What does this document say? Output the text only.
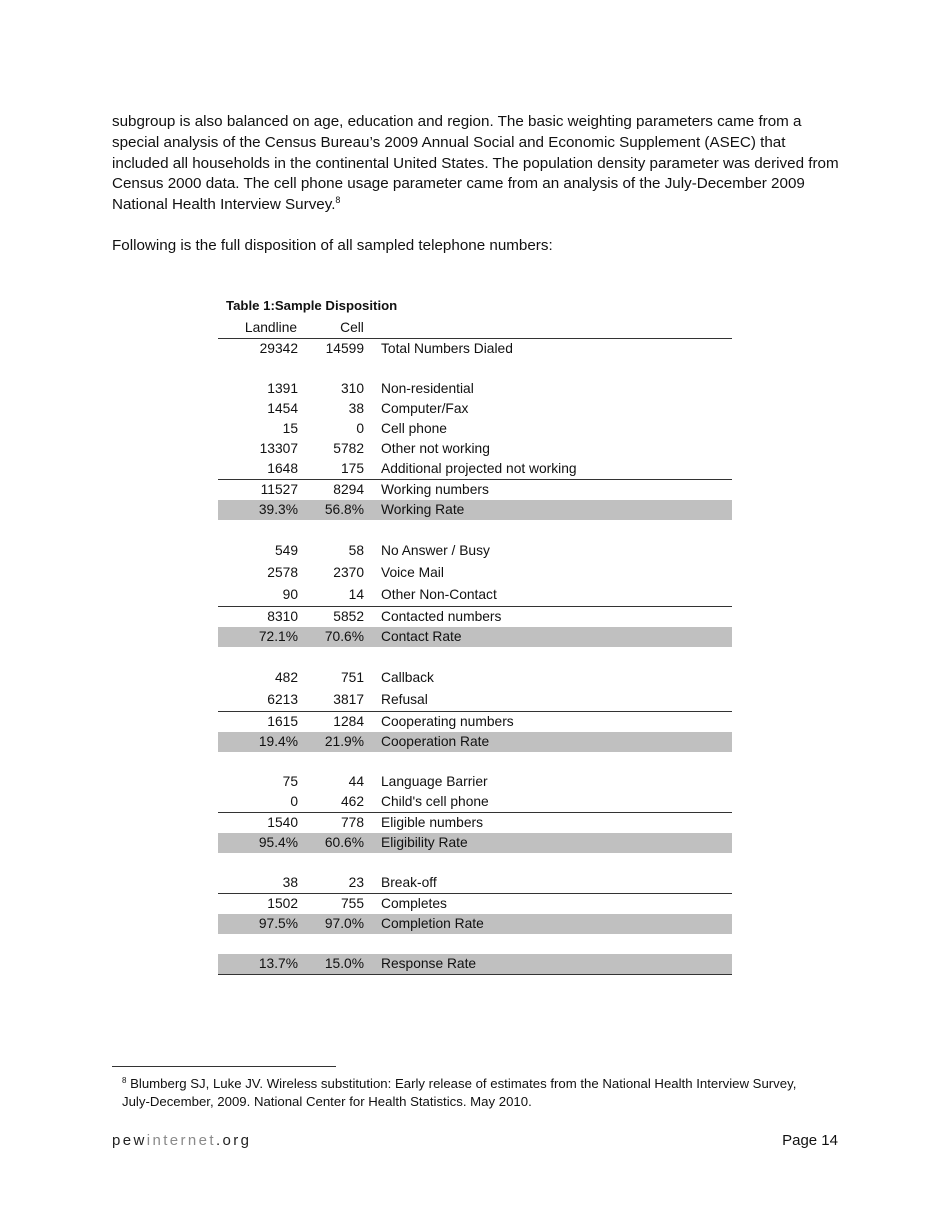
subgroup is also balanced on age, education and region. The basic weighting parameters came from a special analysis of the Census Bureau’s 2009 Annual Social and Economic Supplement (ASEC) that included all households in the continental United States. The population density parameter was derived from Census 2000 data. The cell phone usage parameter came from an analysis of the July-December 2009 National Health Interview Survey.$^8$
Following is the full disposition of all sampled telephone numbers:
Table 1:Sample Disposition
Landline	Cell
29342	14599 Total Numbers Dialed
1391	310 Non-residential
1454	38 Computer/Fax
15	0 Cell phone
13307	5782 Other not working
1648	175 Additional projected not working
11527	8294 Working numbers
39.3%	56.8% Working Rate
549	58 No Answer / Busy
2578	2370 Voice Mail
90	14 Other Non-Contact
8310	5852 Contacted numbers
72.1%	70.6% Contact Rate
482	751 Callback
6213	3817 Refusal
1615	1284 Cooperating numbers
19.4%	21.9% Cooperation Rate
75	44 Language Barrier
0	462 Child's cell phone
1540	778 Eligible numbers
95.4%	60.6% Eligibility Rate
38	23 Break-off
1502	755 Completes
97.5%	97.0% Completion Rate
13.7%	15.0% Response Rate
$^8$ Blumberg SJ, Luke JV. Wireless substitution: Early release of estimates from the National Health Interview Survey, July-December, 2009. National Center for Health Statistics. May 2010.
pewinternet.org	Page 14
